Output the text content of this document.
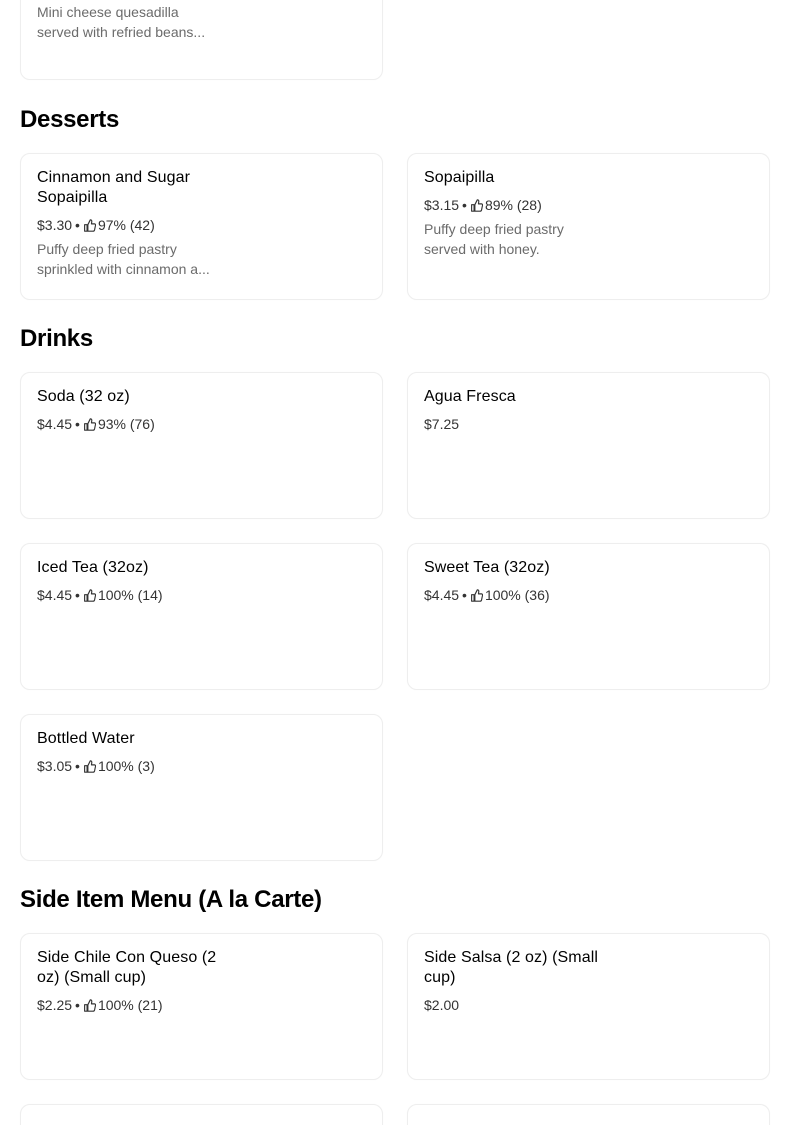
Mini cheese quesadilla served with refried beans...
Desserts
Cinnamon and Sugar Sopaipilla
$3.30 • 97% (42)
Puffy deep fried pastry sprinkled with cinnamon a...
Sopaipilla
$3.15 • 89% (28)
Puffy deep fried pastry served with honey.
Drinks
Soda (32 oz)
$4.45 • 93% (76)
Agua Fresca
$7.25
Iced Tea (32oz)
$4.45 • 100% (14)
Sweet Tea (32oz)
$4.45 • 100% (36)
Bottled Water
$3.05 • 100% (3)
Side Item Menu (A la Carte)
Side Chile Con Queso (2 oz) (Small cup)
$2.25 • 100% (21)
Side Salsa (2 oz) (Small cup)
$2.00
